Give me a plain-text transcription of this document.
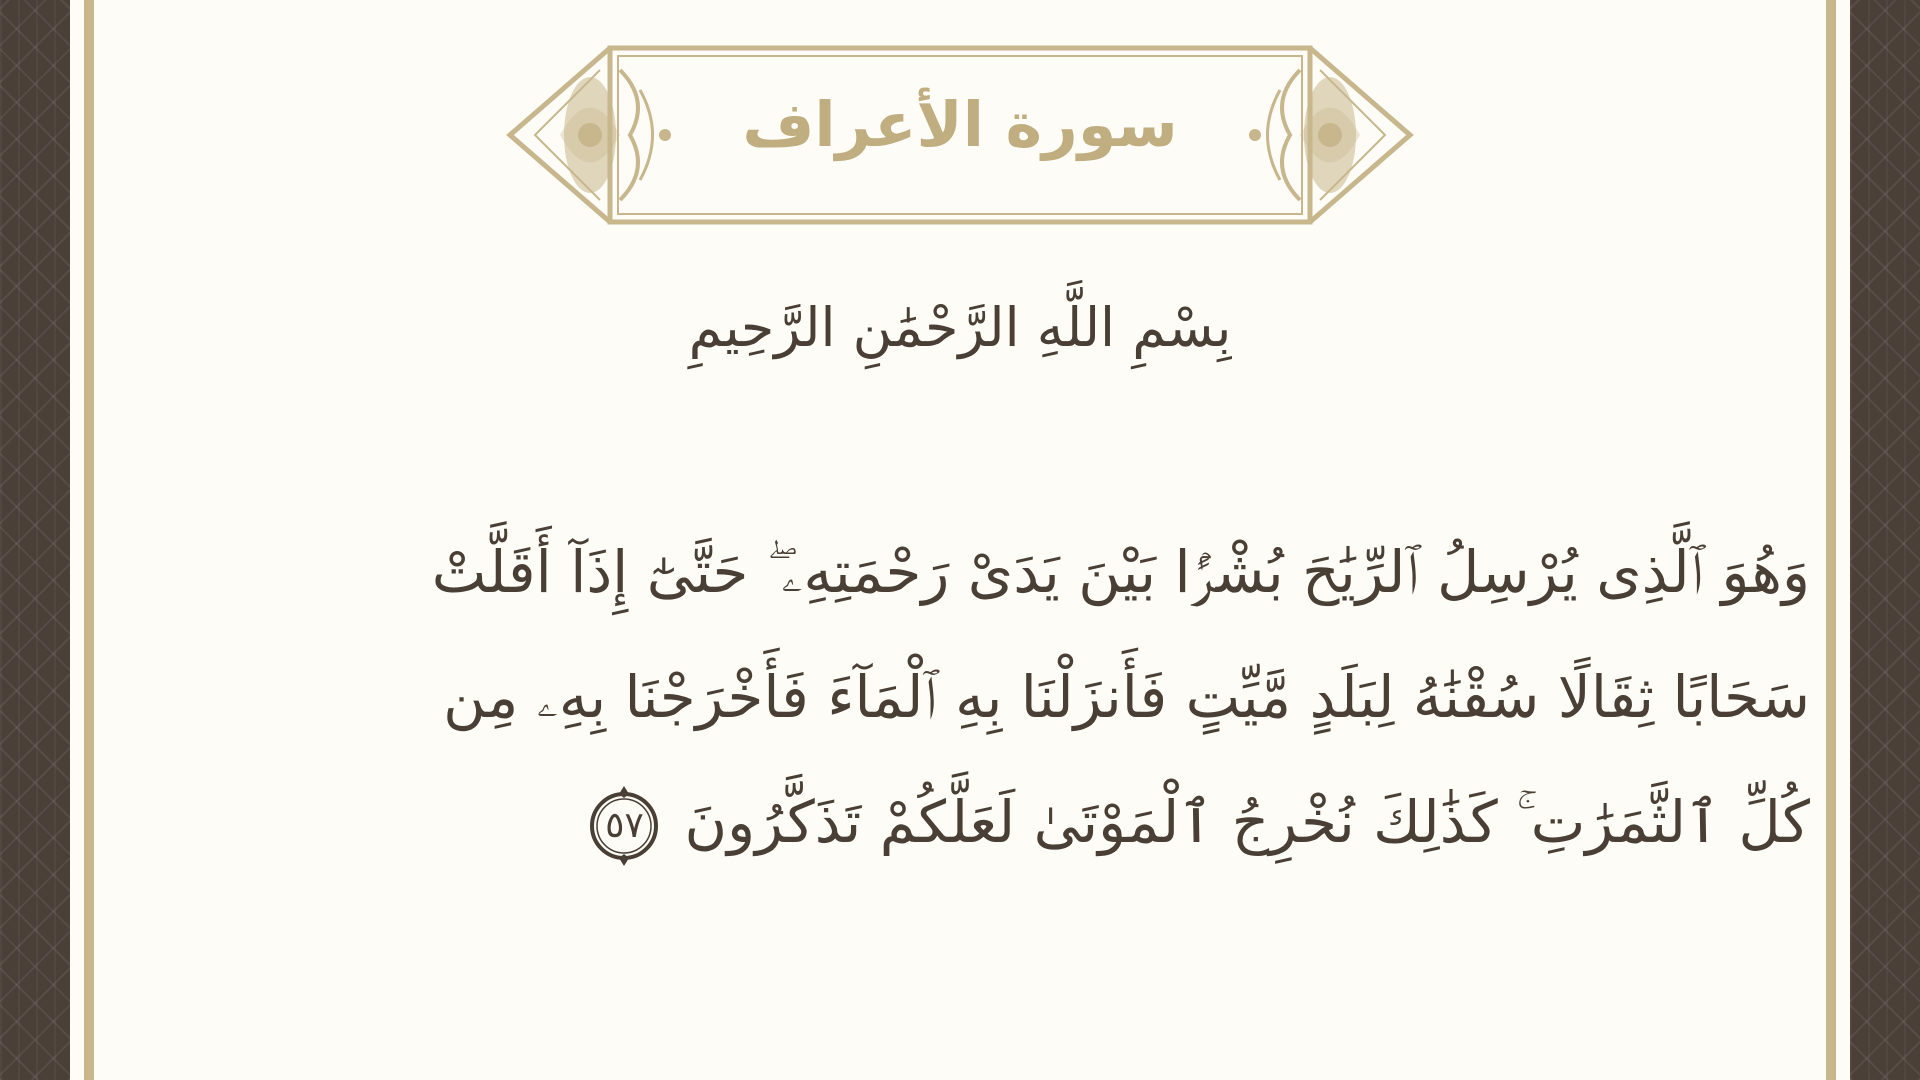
سورة الأعراف
بِسْمِ اللَّهِ الرَّحْمَٰنِ الرَّحِيمِ
وَهُوَ ٱلَّذِى يُرْسِلُ ٱلرِّيَٰحَ بُشْرًۢا بَيْنَ يَدَىْ رَحْمَتِهِۦ ۖ حَتَّىٰٓ إِذَآ أَقَلَّتْ
سَحَابًا ثِقَالًا سُقْنَٰهُ لِبَلَدٍ مَّيِّتٍ فَأَنزَلْنَا بِهِ ٱلْمَآءَ فَأَخْرَجْنَا بِهِۦ مِن
كُلِّ ٱلثَّمَرَٰتِ ۚ كَذَٰلِكَ نُخْرِجُ ٱلْمَوْتَىٰ لَعَلَّكُمْ تَذَكَّرُونَ
٥٧
